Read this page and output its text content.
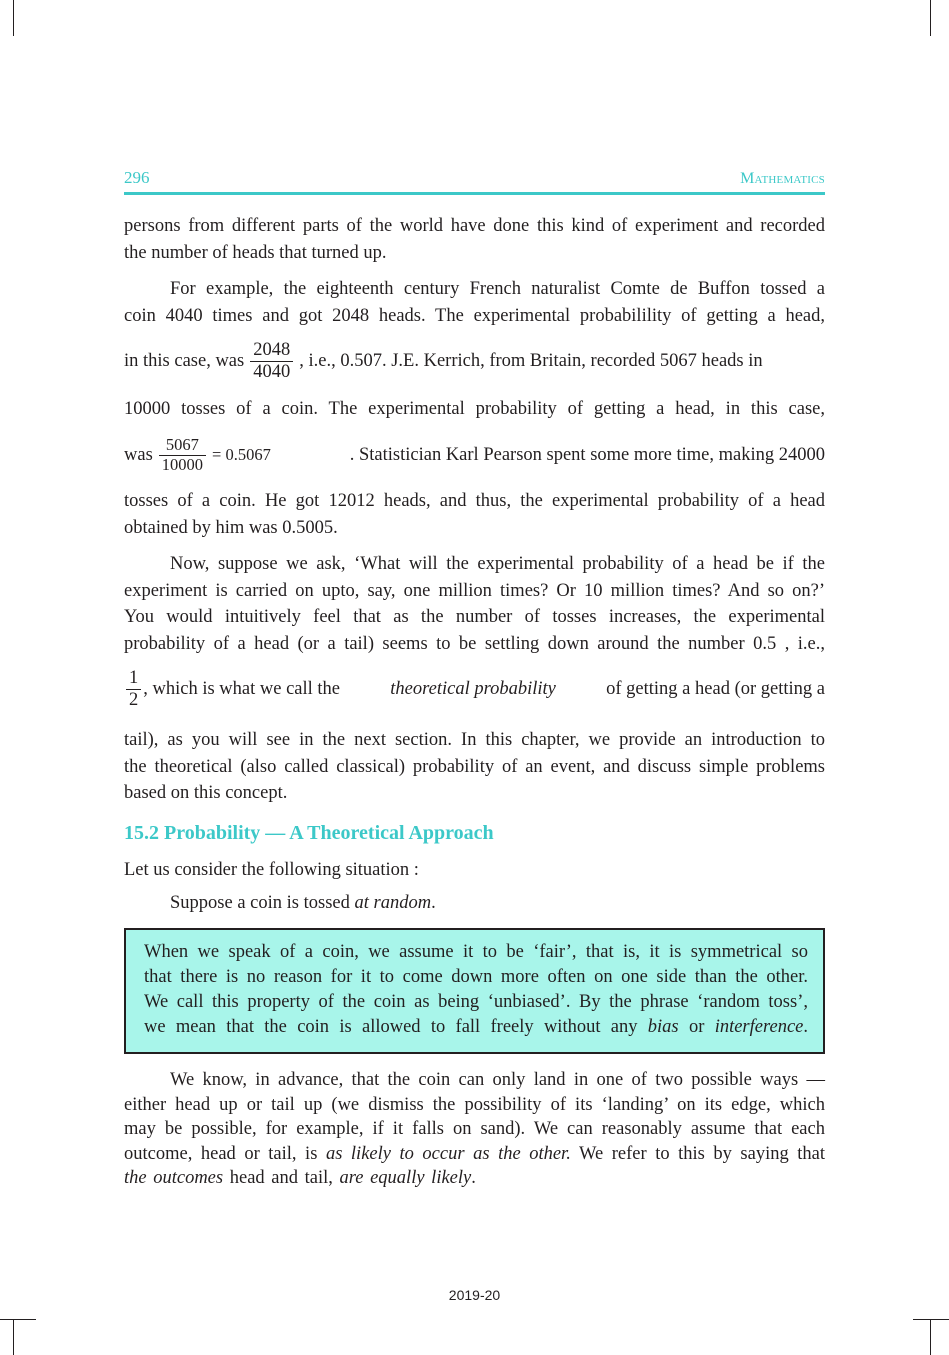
296	Mathematics
persons from different parts of the world have done this kind of experiment and recorded
the number of heads that turned up.
For example, the eighteenth century French naturalist Comte de Buffon tossed a
coin 4040 times and got 2048 heads. The experimental probabilility of getting a head,
in this case, was $\frac{2048}{4040}$ , i.e., 0.507. J.E. Kerrich, from Britain, recorded 5067 heads in
10000 tosses of a coin. The experimental probability of getting a head, in this case,
was $\frac{5067}{10000} = 0.5067$	. Statistician Karl Pearson spent some more time, making 24000
tosses of a coin. He got 12012 heads, and thus, the experimental probability of a head
obtained by him was 0.5005.
Now, suppose we ask, ‘What will the experimental probability of a head be if the
experiment is carried on upto, say, one million times? Or 10 million times? And so on?’
You would intuitively feel that as the number of tosses increases, the experimental
probability of a head (or a tail) seems to be settling down around the number 0.5 , i.e.,
$\frac{1}{2}$ , which is what we call the	theoretical probability	of getting a head (or getting a
tail), as you will see in the next section. In this chapter, we provide an introduction to
the theoretical (also called classical) probability of an event, and discuss simple problems
based on this concept.
15.2 Probability — A Theoretical Approach
Let us consider the following situation :
Suppose a coin is tossed at random.
When we speak of a coin, we assume it to be ‘fair’, that is, it is symmetrical so
that there is no reason for it to come down more often on one side than the other.
We call this property of the coin as being ‘unbiased’. By the phrase ‘random toss’,
we mean that the coin is allowed to fall freely without any bias or interference.
We know, in advance, that the coin can only land in one of two possible ways —
either head up or tail up (we dismiss the possibility of its ‘landing’ on its edge, which
may be possible, for example, if it falls on sand). We can reasonably assume that each
outcome, head or tail, is as likely to occur as the other. We refer to this by saying that
the outcomes head and tail, are equally likely.
2019-20
